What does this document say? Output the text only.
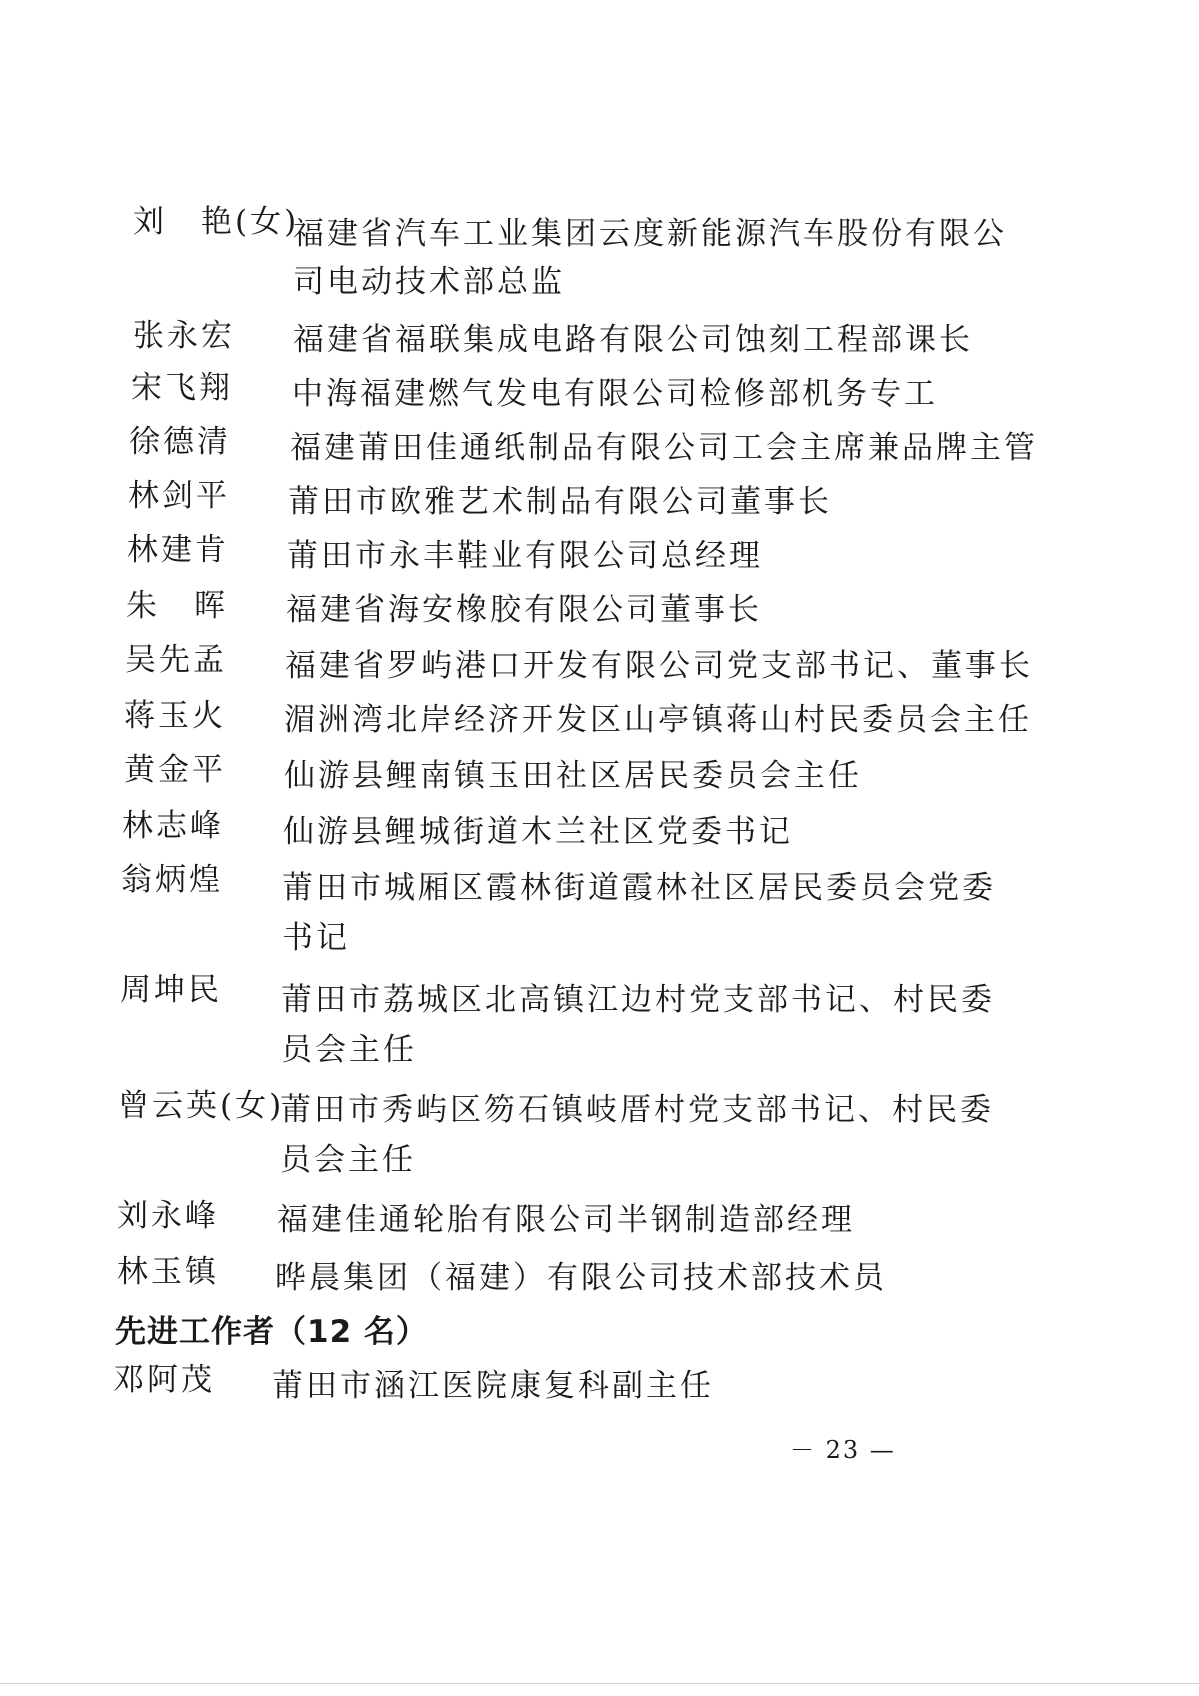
刘　艳(女)
福建省汽车工业集团云度新能源汽车股份有限公
司电动技术部总监
张永宏 福建省福联集成电路有限公司蚀刻工程部课长
宋飞翔 中海福建燃气发电有限公司检修部机务专工
徐德清 福建莆田佳通纸制品有限公司工会主席兼品牌主管
林剑平 莆田市欧雅艺术制品有限公司董事长
林建肯 莆田市永丰鞋业有限公司总经理
朱　晖 福建省海安橡胶有限公司董事长
吴先孟 福建省罗屿港口开发有限公司党支部书记、董事长
蒋玉火 湄洲湾北岸经济开发区山亭镇蒋山村民委员会主任
黄金平 仙游县鲤南镇玉田社区居民委员会主任
林志峰 仙游县鲤城街道木兰社区党委书记
翁炳煌 莆田市城厢区霞林街道霞林社区居民委员会党委
书记
周坤民 莆田市荔城区北高镇江边村党支部书记、村民委
员会主任
曾云英(女)
莆田市秀屿区笏石镇岐厝村党支部书记、村民委
员会主任
刘永峰 福建佳通轮胎有限公司半钢制造部经理
林玉镇 晔晨集团（福建）有限公司技术部技术员
先进工作者（12 名）
邓阿茂 莆田市涵江医院康复科副主任
－ 23 —
